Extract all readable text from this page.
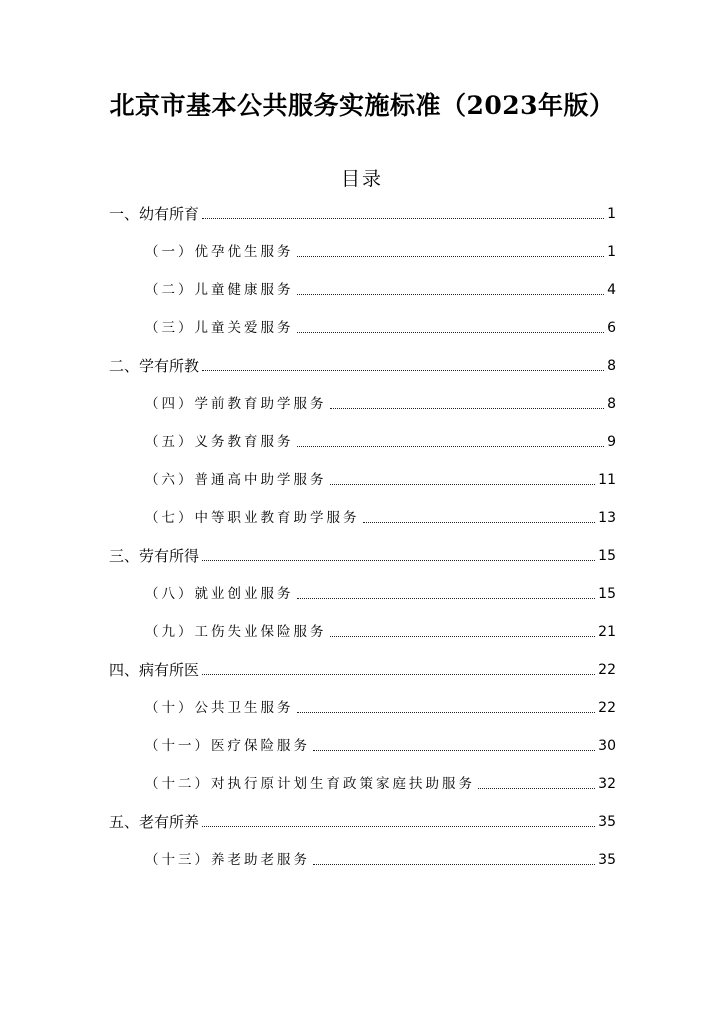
北京市基本公共服务实施标准（2023年版）
目录
一、幼有所育	1
（一）优孕优生服务	1
（二）儿童健康服务	4
（三）儿童关爱服务	6
二、学有所教	8
（四）学前教育助学服务	8
（五）义务教育服务	9
（六）普通高中助学服务	11
（七）中等职业教育助学服务	13
三、劳有所得	15
（八）就业创业服务	15
（九）工伤失业保险服务	21
四、病有所医	22
（十）公共卫生服务	22
（十一）医疗保险服务	30
（十二）对执行原计划生育政策家庭扶助服务	32
五、老有所养	35
（十三）养老助老服务	35
